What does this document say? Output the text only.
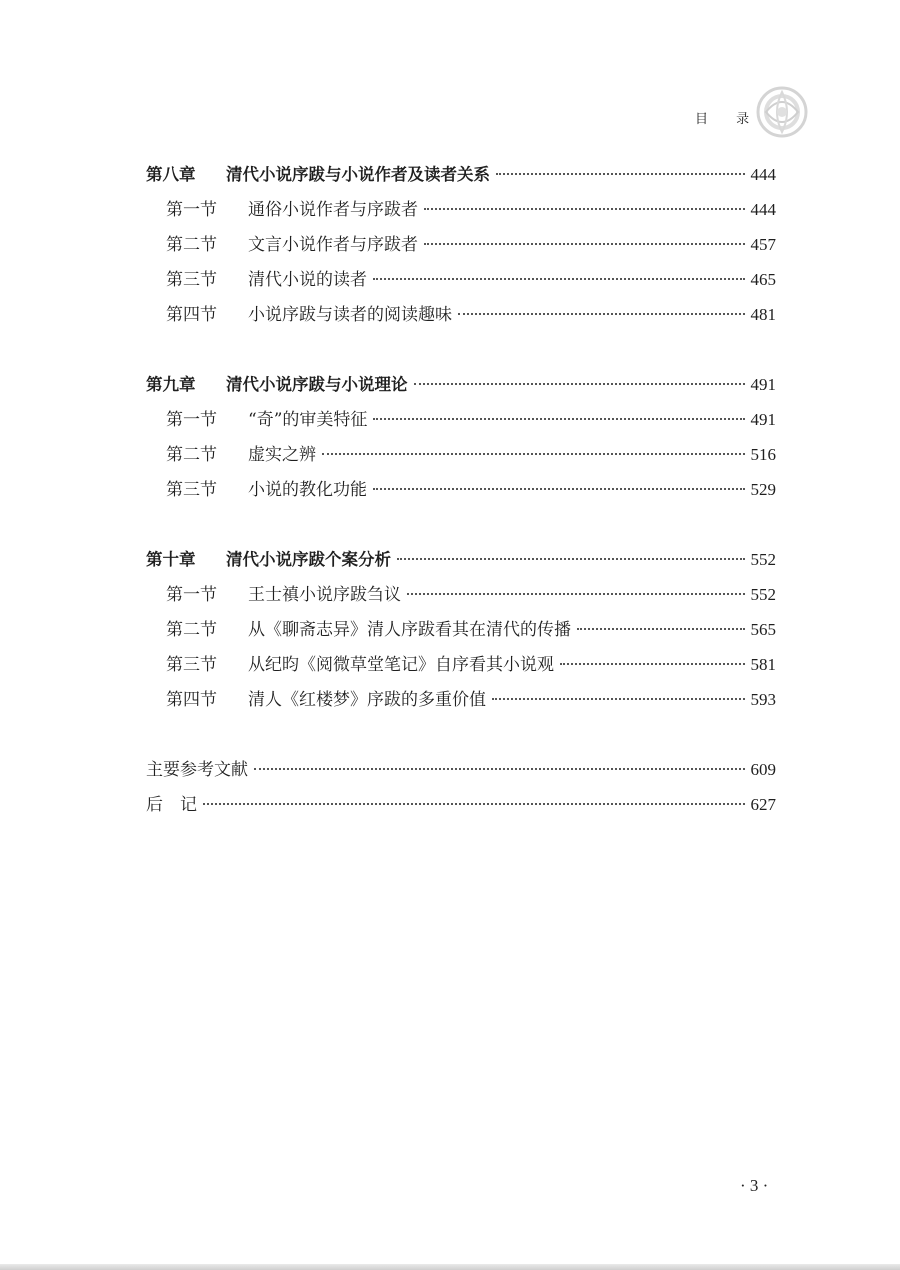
目 录
第八章	清代小说序跋与小说作者及读者关系	444
第一节	通俗小说作者与序跋者	444
第二节	文言小说作者与序跋者	457
第三节	清代小说的读者	465
第四节	小说序跋与读者的阅读趣味	481
第九章	清代小说序跋与小说理论	491
第一节	“奇”的审美特征	491
第二节	虚实之辨	516
第三节	小说的教化功能	529
第十章	清代小说序跋个案分析	552
第一节	王士禛小说序跋刍议	552
第二节	从《聊斋志异》清人序跋看其在清代的传播	565
第三节	从纪昀《阅微草堂笔记》自序看其小说观	581
第四节	清人《红楼梦》序跋的多重价值	593
主要参考文献	609
后　记	627
· 3 ·
